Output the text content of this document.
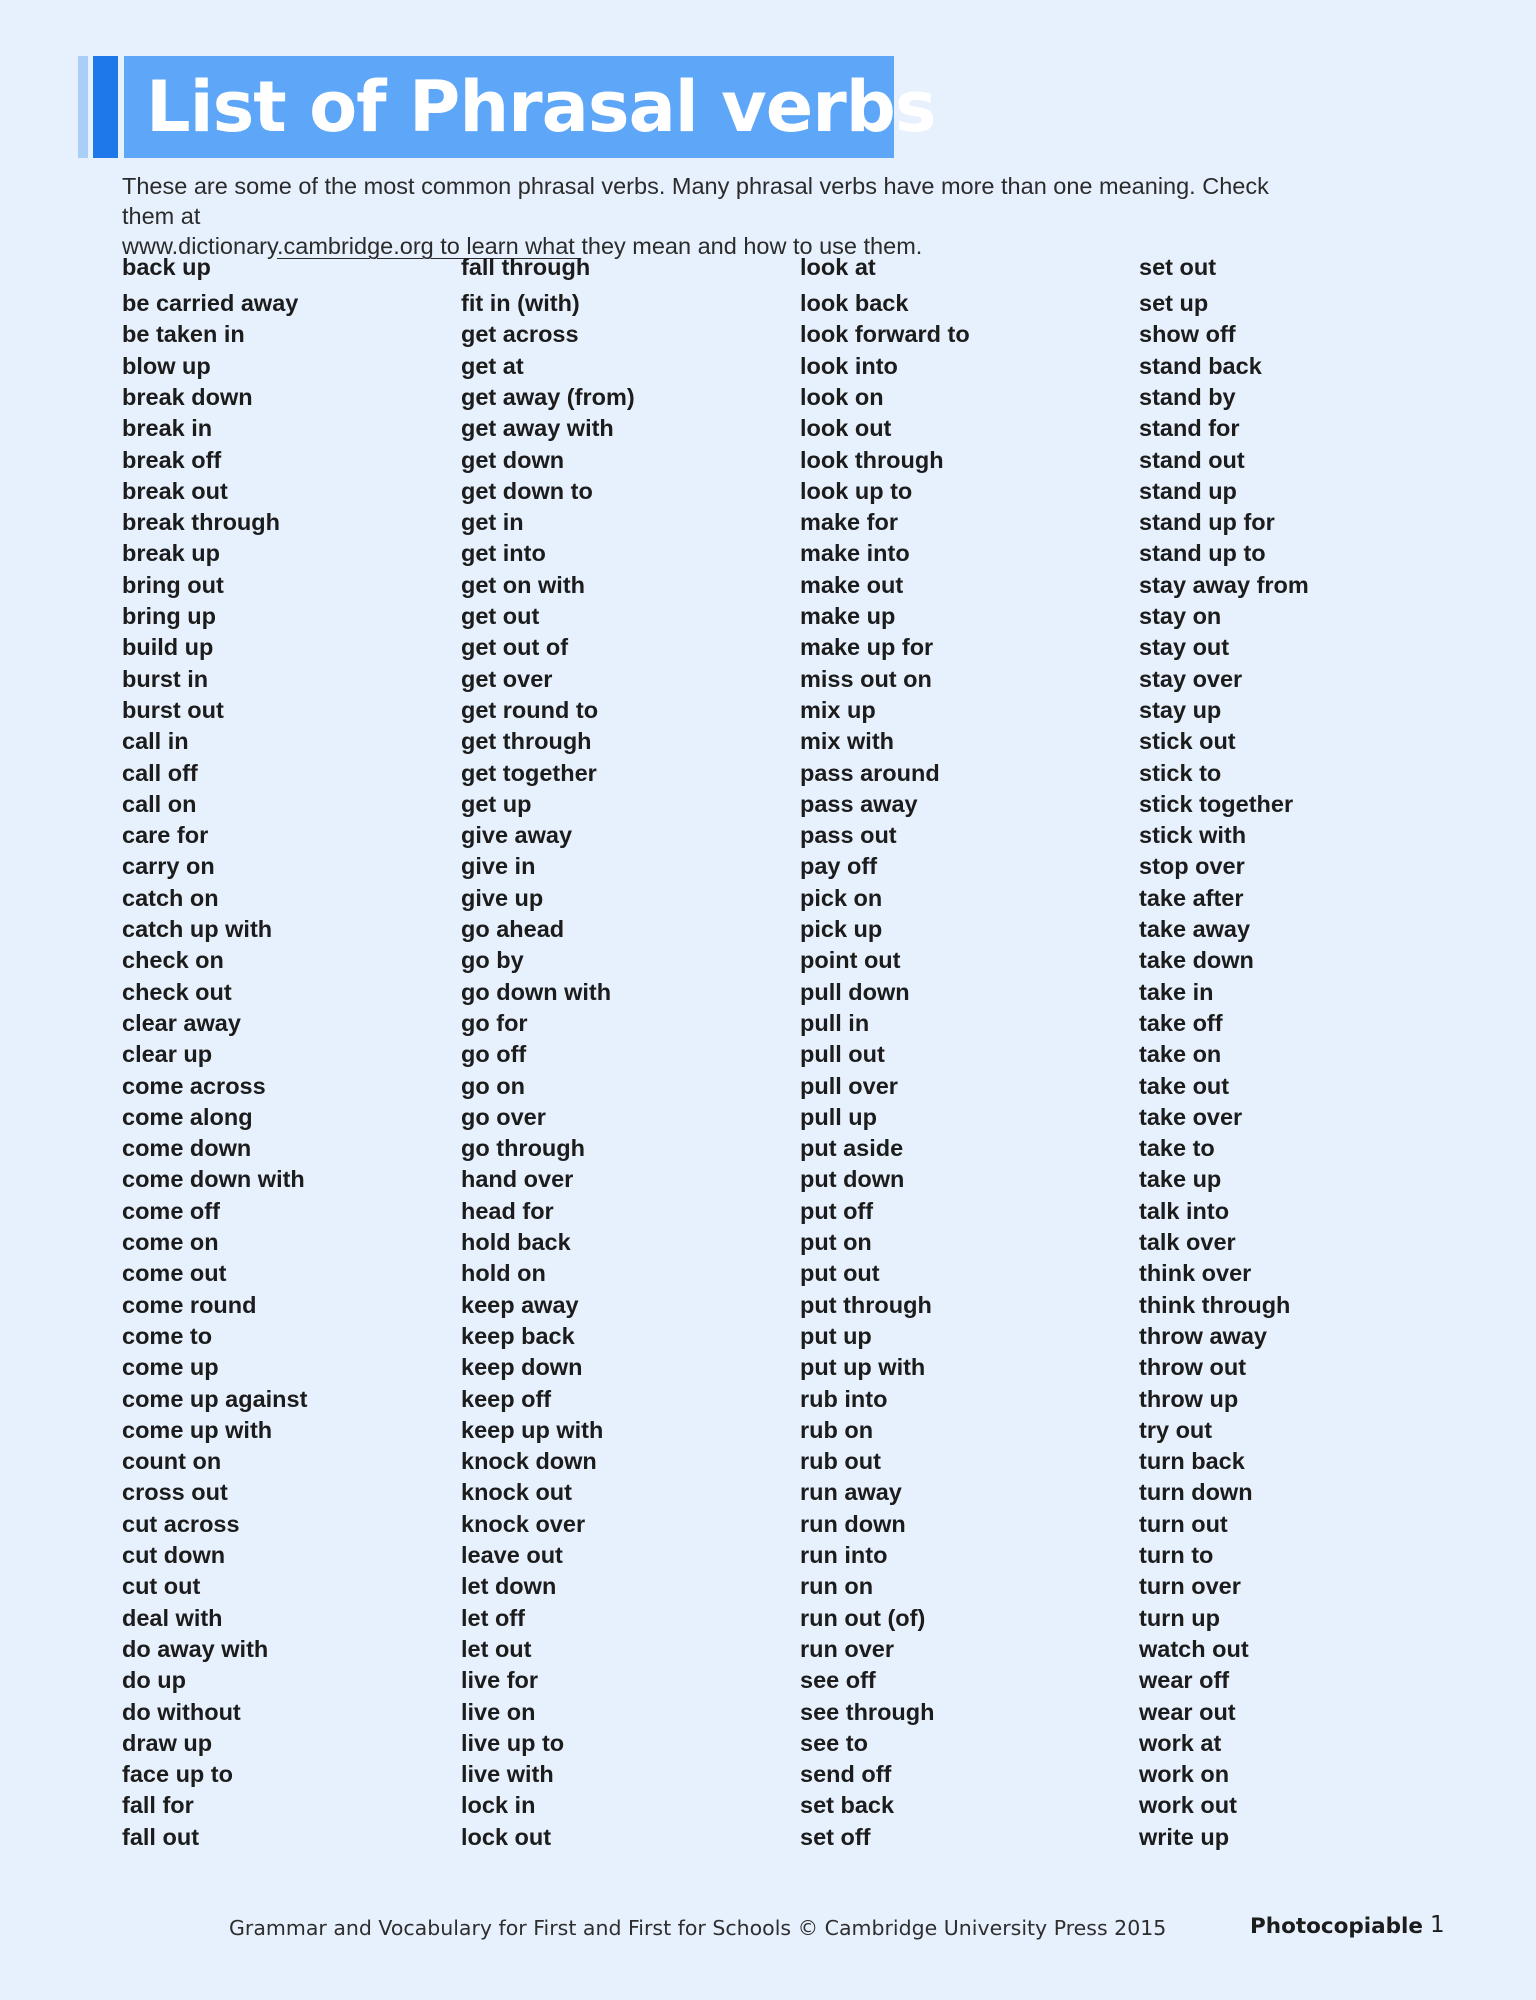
List of Phrasal verbs
These are some of the most common phrasal verbs. Many phrasal verbs have more than one meaning. Check them at
www.dictionary.cambridge.org to learn what they mean and how to use them.
back up
be carried away
be taken in
blow up
break down
break in
break off
break out
break through
break up
bring out
bring up
build up
burst in
burst out
call in
call off
call on
care for
carry on
catch on
catch up with
check on
check out
clear away
clear up
come across
come along
come down
come down with
come off
come on
come out
come round
come to
come up
come up against
come up with
count on
cross out
cut across
cut down
cut out
deal with
do away with
do up
do without
draw up
face up to
fall for
fall out
fall through
fit in (with)
get across
get at
get away (from)
get away with
get down
get down to
get in
get into
get on with
get out
get out of
get over
get round to
get through
get together
get up
give away
give in
give up
go ahead
go by
go down with
go for
go off
go on
go over
go through
hand over
head for
hold back
hold on
keep away
keep back
keep down
keep off
keep up with
knock down
knock out
knock over
leave out
let down
let off
let out
live for
live on
live up to
live with
lock in
lock out
look at
look back
look forward to
look into
look on
look out
look through
look up to
make for
make into
make out
make up
make up for
miss out on
mix up
mix with
pass around
pass away
pass out
pay off
pick on
pick up
point out
pull down
pull in
pull out
pull over
pull up
put aside
put down
put off
put on
put out
put through
put up
put up with
rub into
rub on
rub out
run away
run down
run into
run on
run out (of)
run over
see off
see through
see to
send off
set back
set off
set out
set up
show off
stand back
stand by
stand for
stand out
stand up
stand up for
stand up to
stay away from
stay on
stay out
stay over
stay up
stick out
stick to
stick together
stick with
stop over
take after
take away
take down
take in
take off
take on
take out
take over
take to
take up
talk into
talk over
think over
think through
throw away
throw out
throw up
try out
turn back
turn down
turn out
turn to
turn over
turn up
watch out
wear off
wear out
work at
work on
work out
write up
Grammar and Vocabulary for First and First for Schools © Cambridge University Press 2015	Photocopiable 1
